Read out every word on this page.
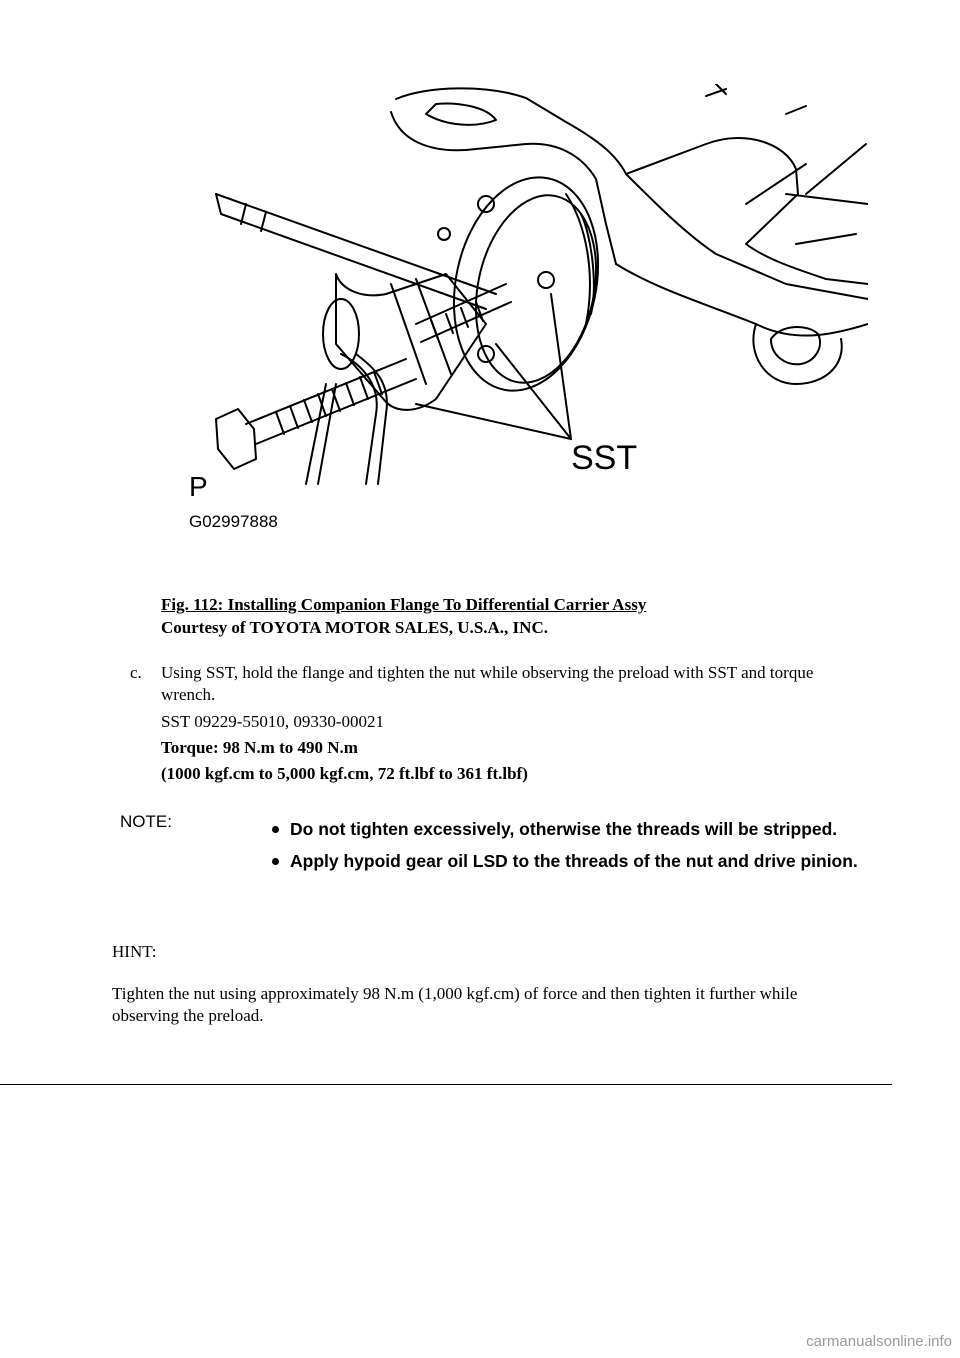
SST
P
G02997888
Fig. 112: Installing Companion Flange To Differential Carrier Assy
Courtesy of TOYOTA MOTOR SALES, U.S.A., INC.
c. Using SST, hold the flange and tighten the nut while observing the preload with SST and torque wrench.
SST 09229-55010, 09330-00021
Torque: 98 N.m to 490 N.m
(1000 kgf.cm to 5,000 kgf.cm, 72 ft.lbf to 361 ft.lbf)
NOTE:	Do not tighten excessively, otherwise the threads will be stripped.
Apply hypoid gear oil LSD to the threads of the nut and drive pinion.
HINT:
Tighten the nut using approximately 98 N.m (1,000 kgf.cm) of force and then tighten it further while observing the preload.
carmanualsonline.info
